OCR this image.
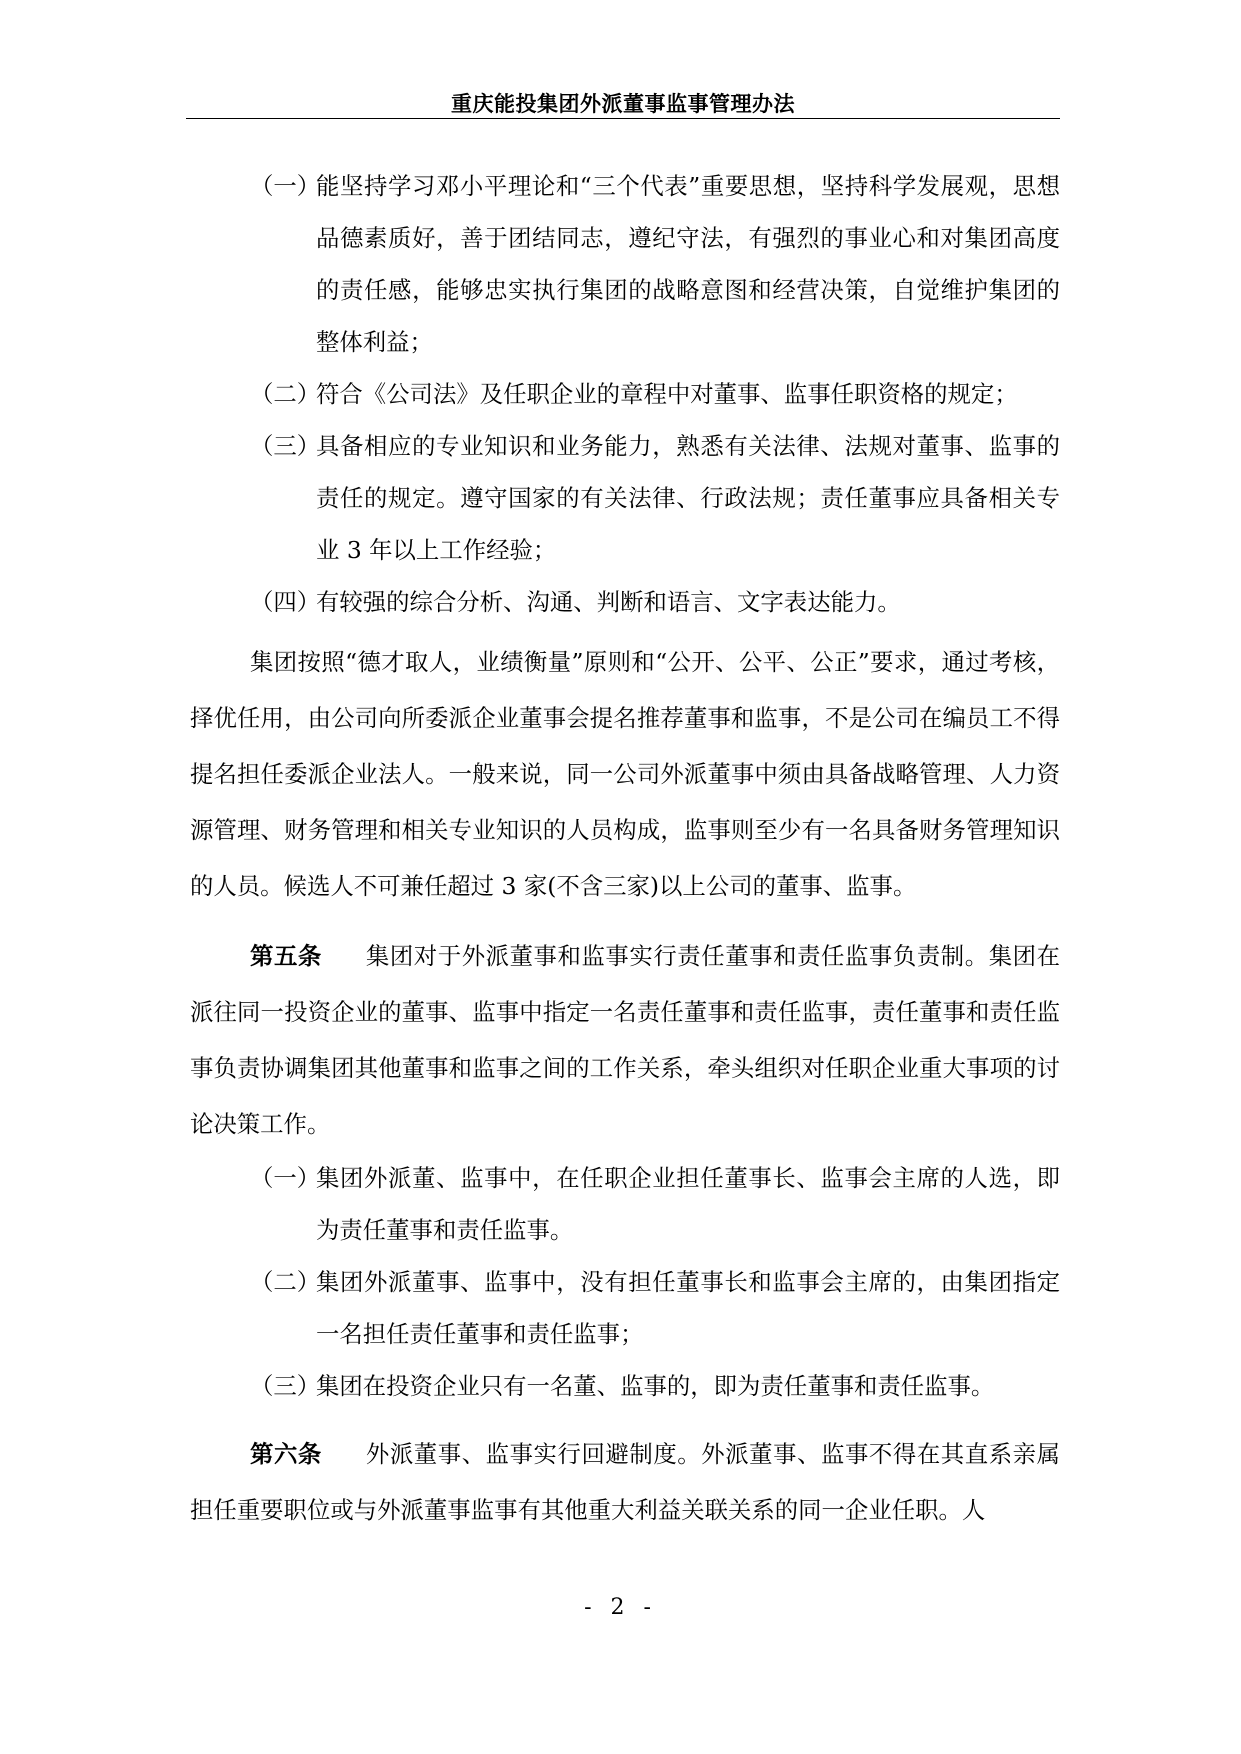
重庆能投集团外派董事监事管理办法
（一）
能坚持学习邓小平理论和“三个代表”重要思想，坚持科学发展观，思想品德素质好，善于团结同志，遵纪守法，有强烈的事业心和对集团高度的责任感，能够忠实执行集团的战略意图和经营决策，自觉维护集团的整体利益；
（二）
符合《公司法》及任职企业的章程中对董事、监事任职资格的规定；
（三）
具备相应的专业知识和业务能力，熟悉有关法律、法规对董事、监事的责任的规定。遵守国家的有关法律、行政法规；责任董事应具备相关专业 3 年以上工作经验；
（四）
有较强的综合分析、沟通、判断和语言、文字表达能力。
集团按照“德才取人，业绩衡量”原则和“公开、公平、公正”要求，通过考核，择优任用，由公司向所委派企业董事会提名推荐董事和监事，不是公司在编员工不得提名担任委派企业法人。一般来说，同一公司外派董事中须由具备战略管理、人力资源管理、财务管理和相关专业知识的人员构成，监事则至少有一名具备财务管理知识的人员。候选人不可兼任超过 3 家(不含三家)以上公司的董事、监事。
第五条 集团对于外派董事和监事实行责任董事和责任监事负责制。集团在派往同一投资企业的董事、监事中指定一名责任董事和责任监事，责任董事和责任监事负责协调集团其他董事和监事之间的工作关系，牵头组织对任职企业重大事项的讨论决策工作。
（一）
集团外派董、监事中，在任职企业担任董事长、监事会主席的人选，即为责任董事和责任监事。
（二）
集团外派董事、监事中，没有担任董事长和监事会主席的，由集团指定一名担任责任董事和责任监事；
（三）
集团在投资企业只有一名董、监事的，即为责任董事和责任监事。
第六条 外派董事、监事实行回避制度。外派董事、监事不得在其直系亲属担任重要职位或与外派董事监事有其他重大利益关联关系的同一企业任职。人
- 2 -
